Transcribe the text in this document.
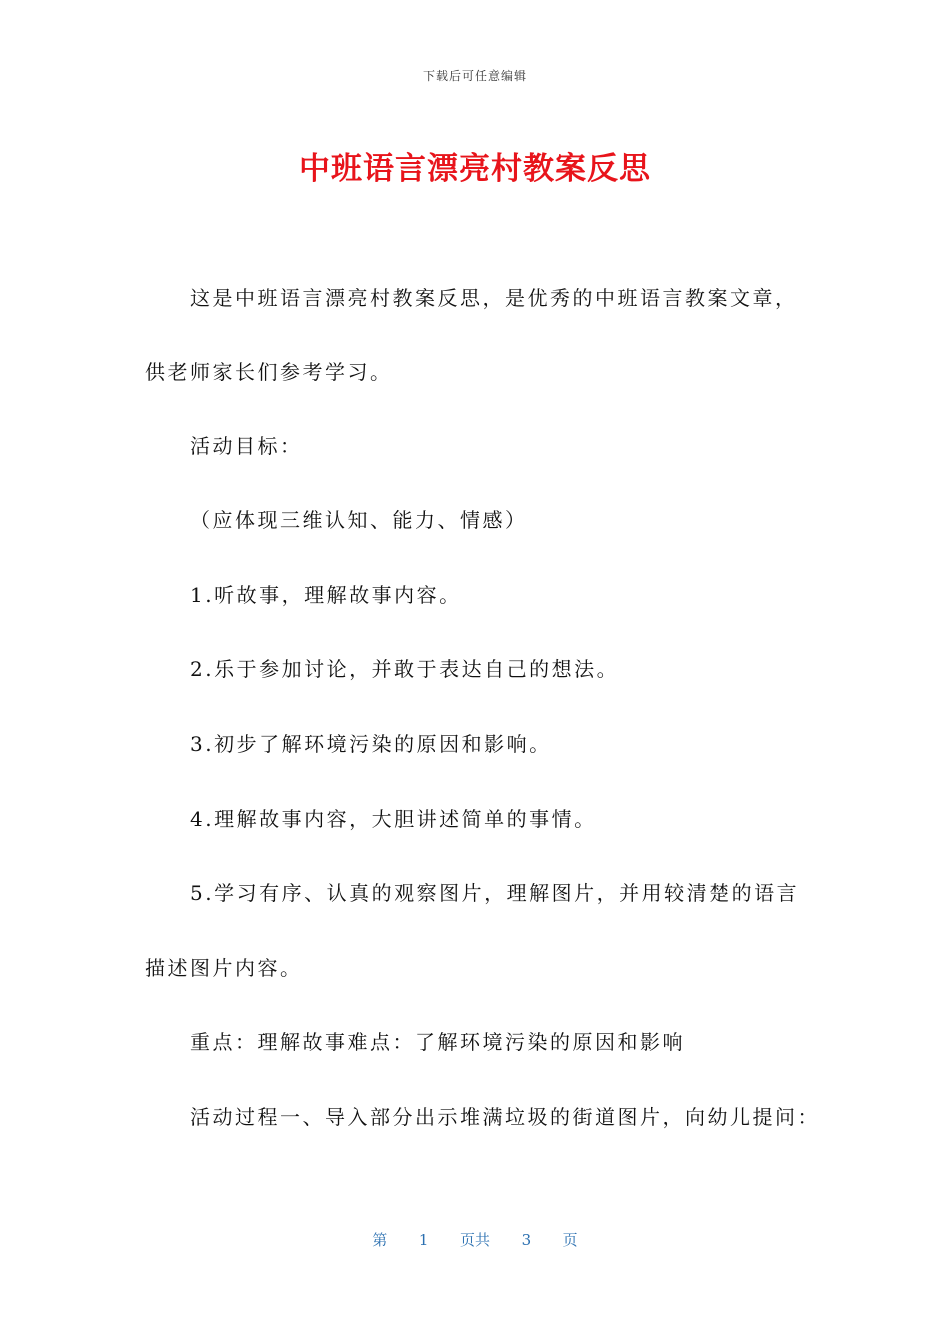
下载后可任意编辑
中班语言漂亮村教案反思
这是中班语言漂亮村教案反思，是优秀的中班语言教案文章，
供老师家长们参考学习。
活动目标：
（应体现三维认知、能力、情感）
1.听故事，理解故事内容。
2.乐于参加讨论，并敢于表达自己的想法。
3.初步了解环境污染的原因和影响。
4.理解故事内容，大胆讲述简单的事情。
5.学习有序、认真的观察图片，理解图片，并用较清楚的语言
描述图片内容。
重点：理解故事难点：了解环境污染的原因和影响
活动过程一、导入部分出示堆满垃圾的街道图片，向幼儿提问：
第 1 页共 3 页
